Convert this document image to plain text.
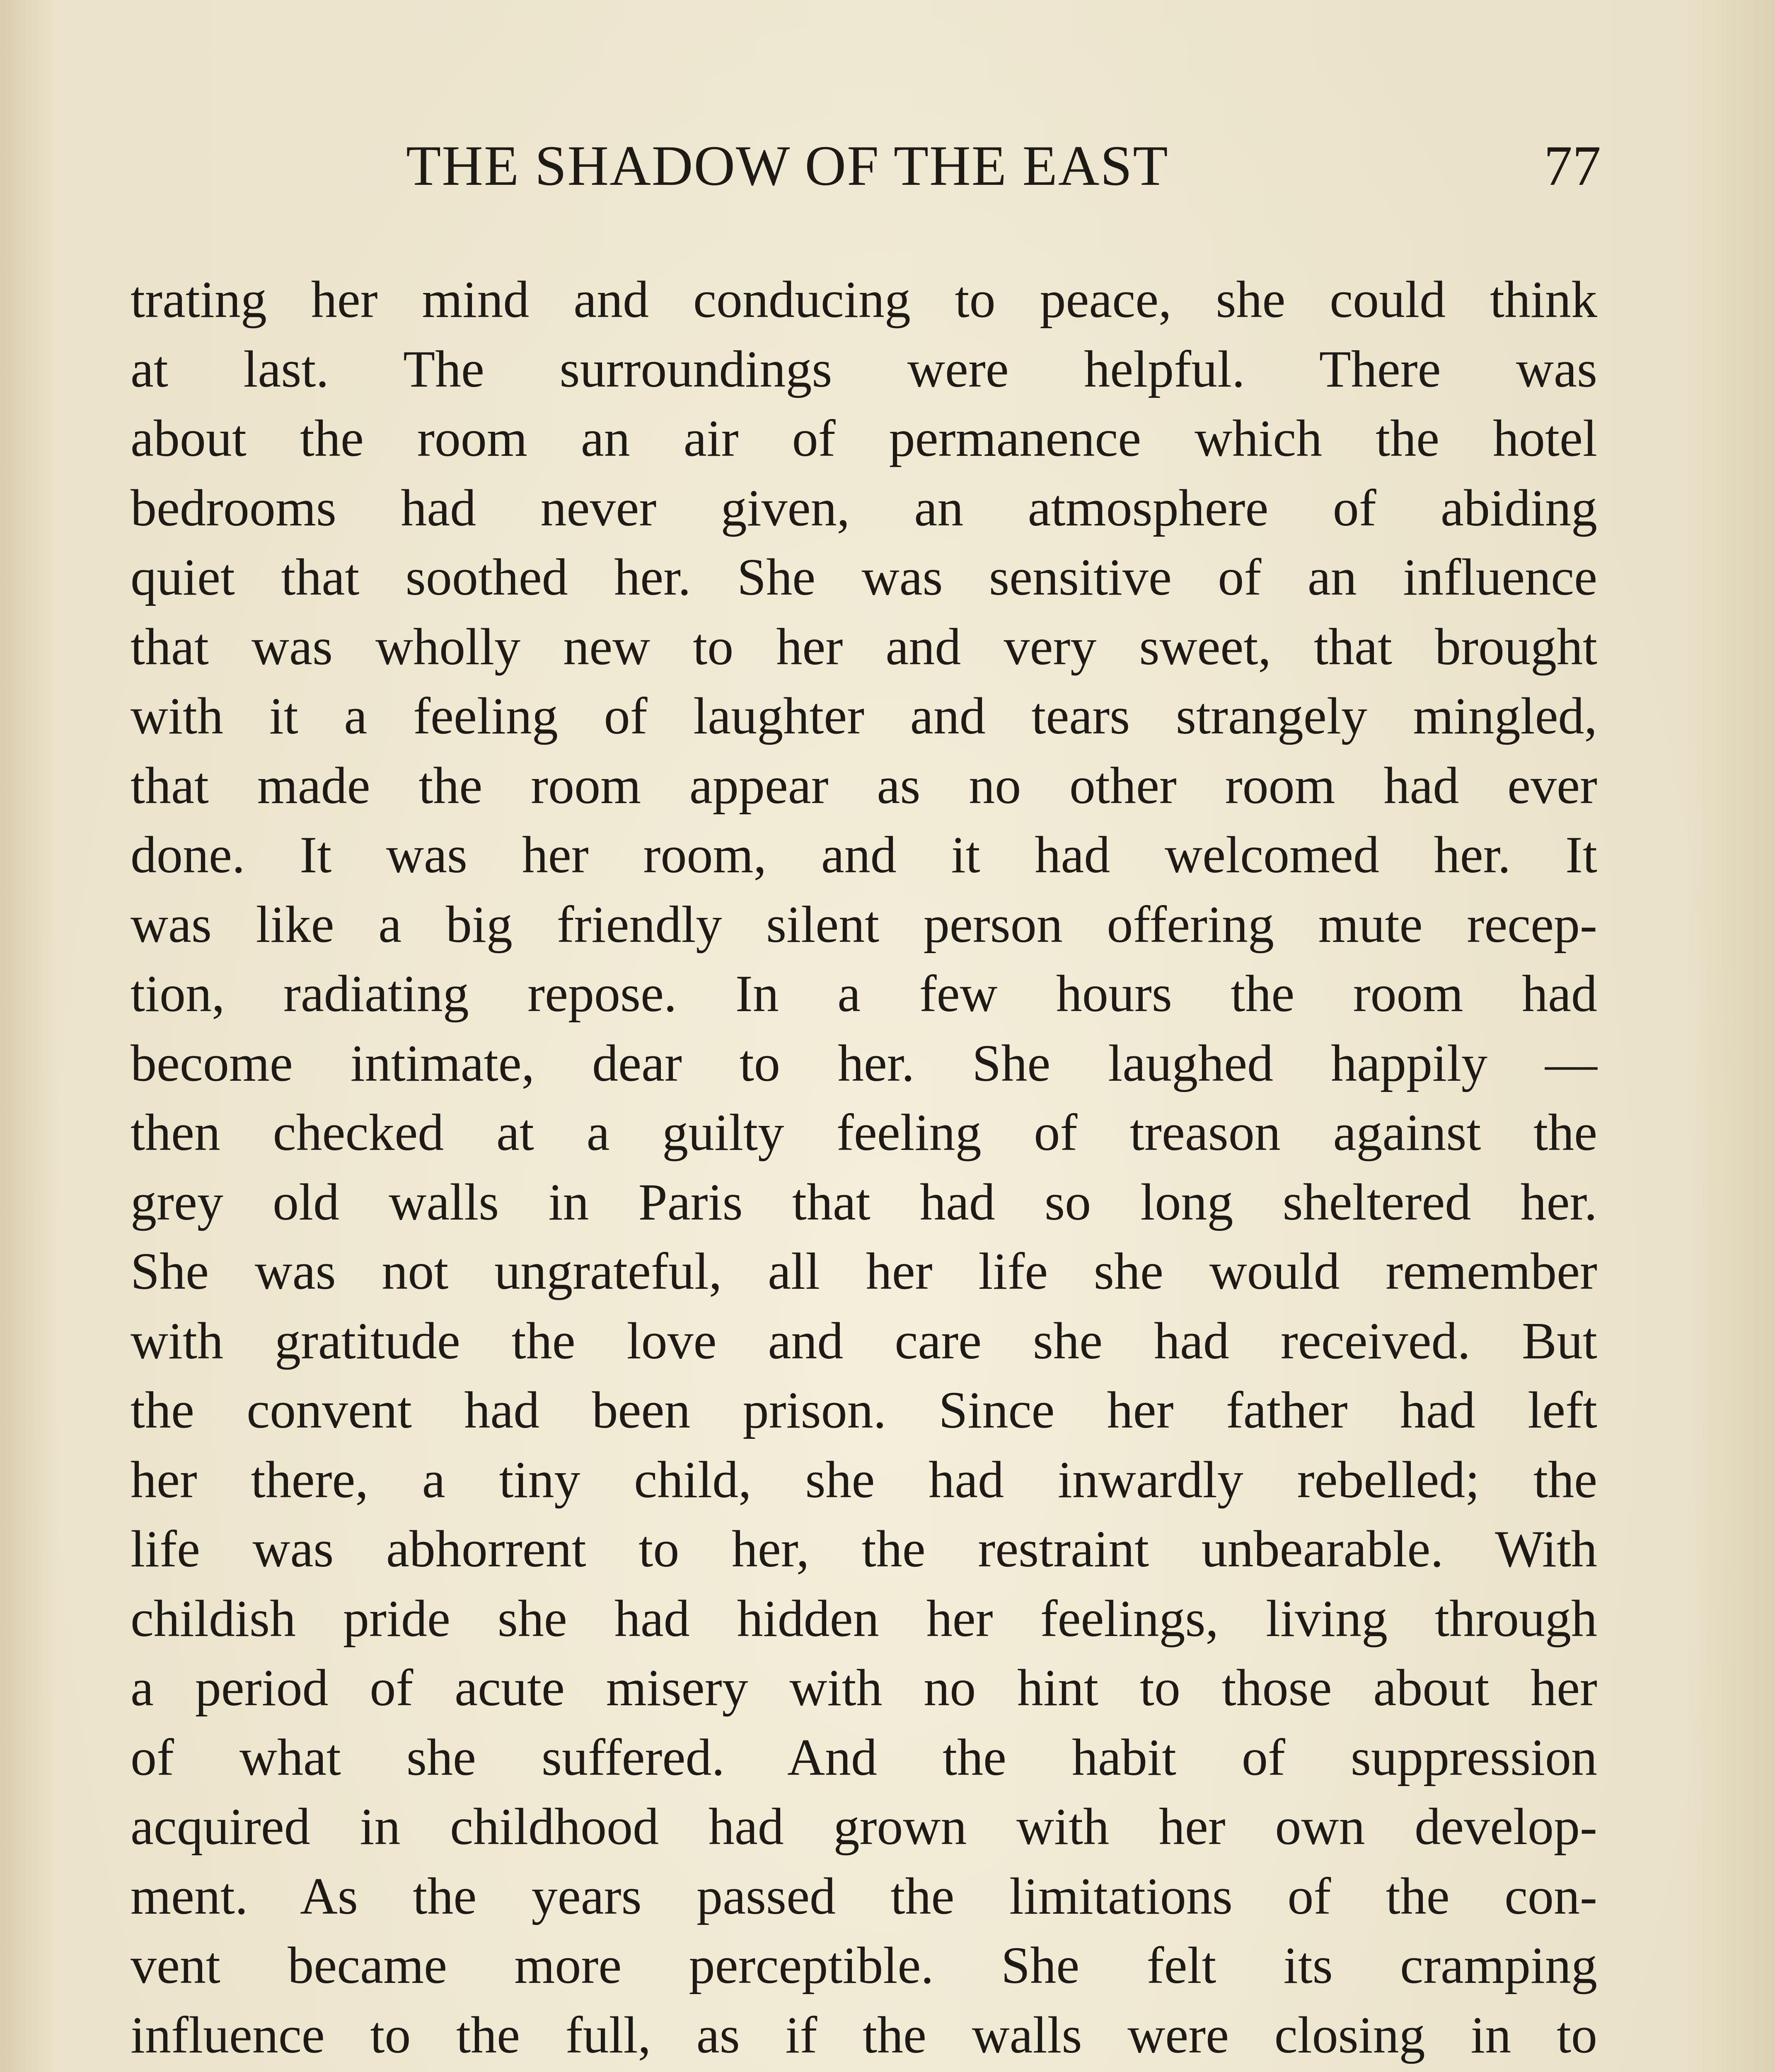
THE SHADOW OF THE EAST	77
trating her mind and conducing to peace, she could think
at last. The surroundings were helpful. There was
about the room an air of permanence which the hotel
bedrooms had never given, an atmosphere of abiding
quiet that soothed her. She was sensitive of an influence
that was wholly new to her and very sweet, that brought
with it a feeling of laughter and tears strangely mingled,
that made the room appear as no other room had ever
done. It was her room, and it had welcomed her. It
was like a big friendly silent person offering mute recep-
tion, radiating repose. In a few hours the room had
become intimate, dear to her. She laughed happily —
then checked at a guilty feeling of treason against the
grey old walls in Paris that had so long sheltered her.
She was not ungrateful, all her life she would remember
with gratitude the love and care she had received. But
the convent had been prison. Since her father had left
her there, a tiny child, she had inwardly rebelled; the
life was abhorrent to her, the restraint unbearable. With
childish pride she had hidden her feelings, living through
a period of acute misery with no hint to those about her
of what she suffered. And the habit of suppression
acquired in childhood had grown with her own develop-
ment. As the years passed the limitations of the con-
vent became more perceptible. She felt its cramping
influence to the full, as if the walls were closing in to
